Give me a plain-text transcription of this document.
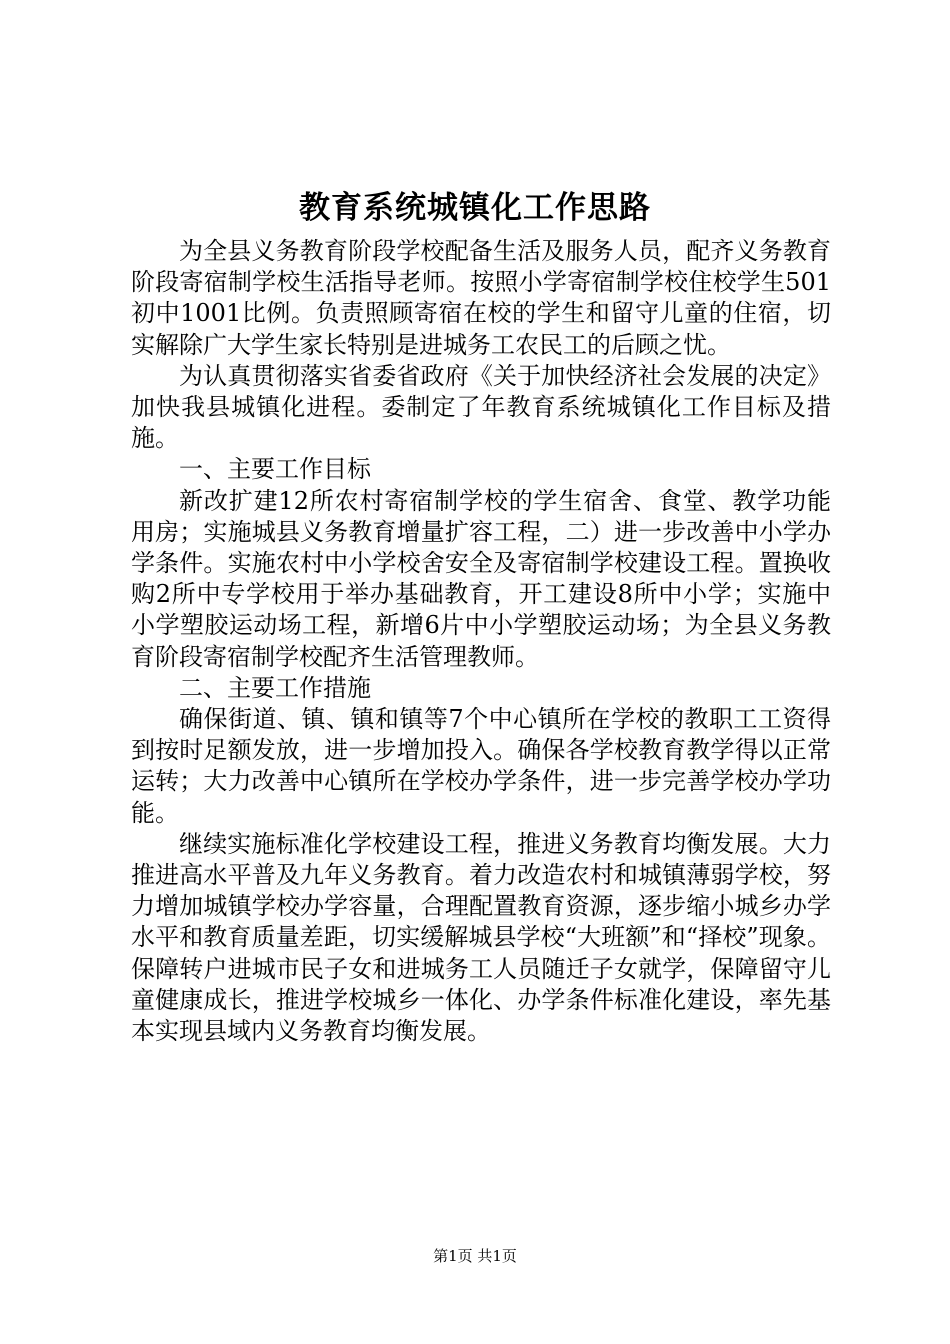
教育系统城镇化工作思路

为全县义务教育阶段学校配备生活及服务人员，配齐义务教育阶段寄宿制学校生活指导老师。按照小学寄宿制学校住校学生501初中1001比例。负责照顾寄宿在校的学生和留守儿童的住宿，切实解除广大学生家长特别是进城务工农民工的后顾之忧。

为认真贯彻落实省委省政府《关于加快经济社会发展的决定》加快我县城镇化进程。委制定了年教育系统城镇化工作目标及措施。

一、主要工作目标

新改扩建12所农村寄宿制学校的学生宿舍、食堂、教学功能用房；实施城县义务教育增量扩容工程，二）进一步改善中小学办学条件。实施农村中小学校舍安全及寄宿制学校建设工程。置换收购2所中专学校用于举办基础教育，开工建设8所中小学；实施中小学塑胶运动场工程，新增6片中小学塑胶运动场；为全县义务教育阶段寄宿制学校配齐生活管理教师。

二、主要工作措施

确保街道、镇、镇和镇等7个中心镇所在学校的教职工工资得到按时足额发放，进一步增加投入。确保各学校教育教学得以正常运转；大力改善中心镇所在学校办学条件，进一步完善学校办学功能。

继续实施标准化学校建设工程，推进义务教育均衡发展。大力推进高水平普及九年义务教育。着力改造农村和城镇薄弱学校，努力增加城镇学校办学容量，合理配置教育资源，逐步缩小城乡办学水平和教育质量差距，切实缓解城县学校“大班额”和“择校”现象。保障转户进城市民子女和进城务工人员随迁子女就学，保障留守儿童健康成长，推进学校城乡一体化、办学条件标准化建设，率先基本实现县域内义务教育均衡发展。

第1页 共1页
